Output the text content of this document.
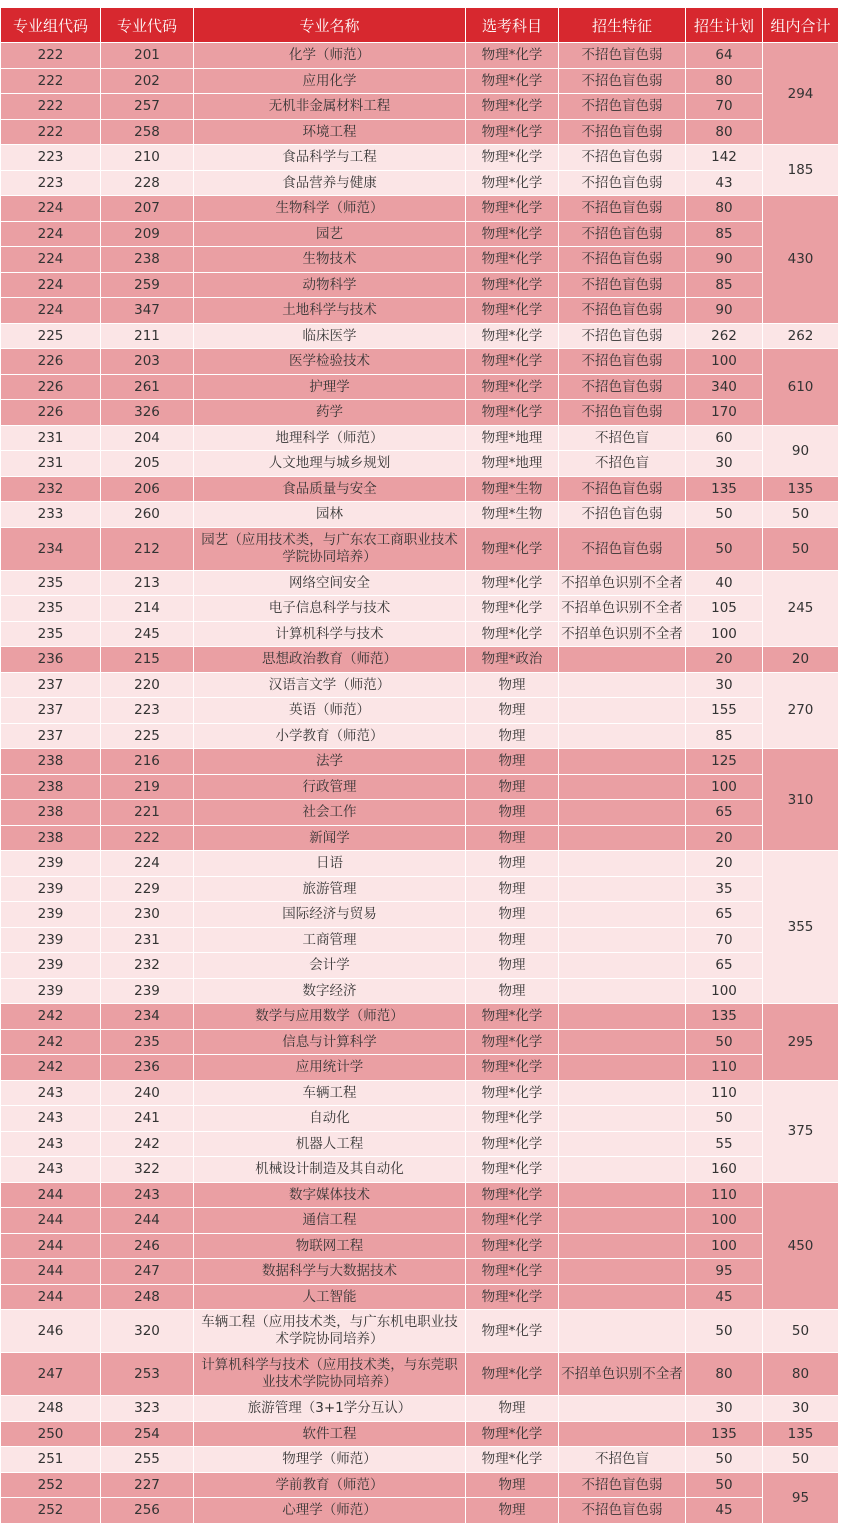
专业组代码	专业代码	专业名称	选考科目	招生特征	招生计划	组内合计
222	201	化学（师范）	物理*化学	不招色盲色弱	64	294
222	202	应用化学	物理*化学	不招色盲色弱	80	
222	257	无机非金属材料工程	物理*化学	不招色盲色弱	70	
222	258	环境工程	物理*化学	不招色盲色弱	80	
223	210	食品科学与工程	物理*化学	不招色盲色弱	142	185
223	228	食品营养与健康	物理*化学	不招色盲色弱	43	
224	207	生物科学（师范）	物理*化学	不招色盲色弱	80	430
224	209	园艺	物理*化学	不招色盲色弱	85	
224	238	生物技术	物理*化学	不招色盲色弱	90	
224	259	动物科学	物理*化学	不招色盲色弱	85	
224	347	土地科学与技术	物理*化学	不招色盲色弱	90	
225	211	临床医学	物理*化学	不招色盲色弱	262	262
226	203	医学检验技术	物理*化学	不招色盲色弱	100	610
226	261	护理学	物理*化学	不招色盲色弱	340	
226	326	药学	物理*化学	不招色盲色弱	170	
231	204	地理科学（师范）	物理*地理	不招色盲	60	90
231	205	人文地理与城乡规划	物理*地理	不招色盲	30	
232	206	食品质量与安全	物理*生物	不招色盲色弱	135	135
233	260	园林	物理*生物	不招色盲色弱	50	50
234	212	园艺（应用技术类，与广东农工商职业技术学院协同培养）	物理*化学	不招色盲色弱	50	50
235	213	网络空间安全	物理*化学	不招单色识别不全者	40	245
235	214	电子信息科学与技术	物理*化学	不招单色识别不全者	105	
235	245	计算机科学与技术	物理*化学	不招单色识别不全者	100	
236	215	思想政治教育（师范）	物理*政治		20	20
237	220	汉语言文学（师范）	物理		30	270
237	223	英语（师范）	物理		155	
237	225	小学教育（师范）	物理		85	
238	216	法学	物理		125	310
238	219	行政管理	物理		100	
238	221	社会工作	物理		65	
238	222	新闻学	物理		20	
239	224	日语	物理		20	355
239	229	旅游管理	物理		35	
239	230	国际经济与贸易	物理		65	
239	231	工商管理	物理		70	
239	232	会计学	物理		65	
239	239	数字经济	物理		100	
242	234	数学与应用数学（师范）	物理*化学		135	295
242	235	信息与计算科学	物理*化学		50	
242	236	应用统计学	物理*化学		110	
243	240	车辆工程	物理*化学		110	375
243	241	自动化	物理*化学		50	
243	242	机器人工程	物理*化学		55	
243	322	机械设计制造及其自动化	物理*化学		160	
244	243	数字媒体技术	物理*化学		110	450
244	244	通信工程	物理*化学		100	
244	246	物联网工程	物理*化学		100	
244	247	数据科学与大数据技术	物理*化学		95	
244	248	人工智能	物理*化学		45	
246	320	车辆工程（应用技术类，与广东机电职业技术学院协同培养）	物理*化学		50	50
247	253	计算机科学与技术（应用技术类，与东莞职业技术学院协同培养）	物理*化学	不招单色识别不全者	80	80
248	323	旅游管理（3+1学分互认）	物理		30	30
250	254	软件工程	物理*化学		135	135
251	255	物理学（师范）	物理*化学	不招色盲	50	50
252	227	学前教育（师范）	物理	不招色盲色弱	50	95
252	256	心理学（师范）	物理	不招色盲色弱	45	
